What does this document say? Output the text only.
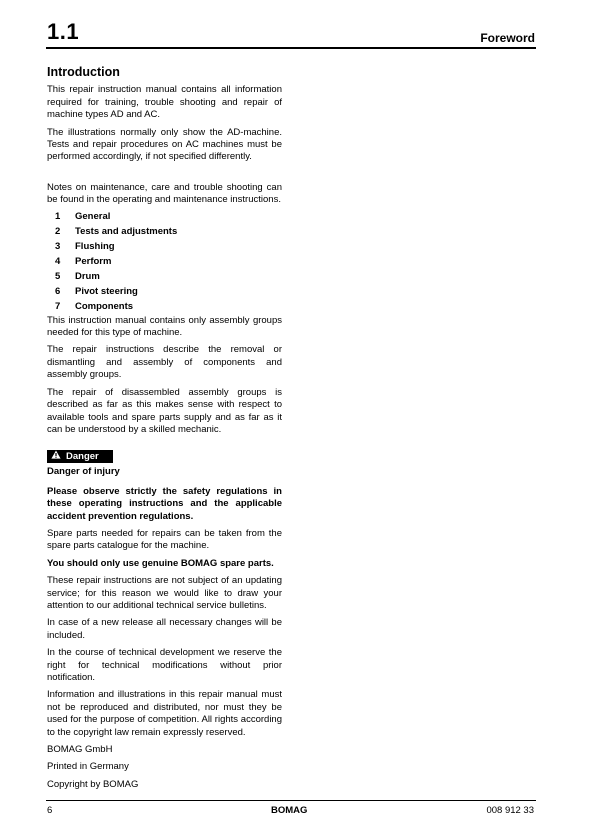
1.1	Foreword
Introduction

This repair instruction manual contains all information required for training, trouble shooting and repair of machine types AD and AC.

The illustrations normally only show the AD-machine. Tests and repair procedures on AC machines must be performed accordingly, if not specified differently.

Notes on maintenance, care and trouble shooting can be found in the operating and maintenance instructions.

1	General
2	Tests and adjustments
3	Flushing
4	Perform
5	Drum
6	Pivot steering
7	Components

This instruction manual contains only assembly groups needed for this type of machine.

The repair instructions describe the removal or dismantling and assembly of components and assembly groups.

The repair of disassembled assembly groups is described as far as this makes sense with respect to available tools and spare parts supply and as far as it can be understood by a skilled mechanic.

Danger

Danger of injury

Please observe strictly the safety regulations in these operating instructions and the applicable accident prevention regulations.

Spare parts needed for repairs can be taken from the spare parts catalogue for the machine.

You should only use genuine BOMAG spare parts.

These repair instructions are not subject of an updating service; for this reason we would like to draw your attention to our additional technical service bulletins.

In case of a new release all necessary changes will be included.

In the course of technical development we reserve the right for technical modifications without prior notification.

Information and illustrations in this repair manual must not be reproduced and distributed, nor must they be used for the purpose of competition. All rights according to the copyright law remain expressly reserved.

BOMAG GmbH

Printed in Germany

Copyright by BOMAG

6	BOMAG	008 912 33
